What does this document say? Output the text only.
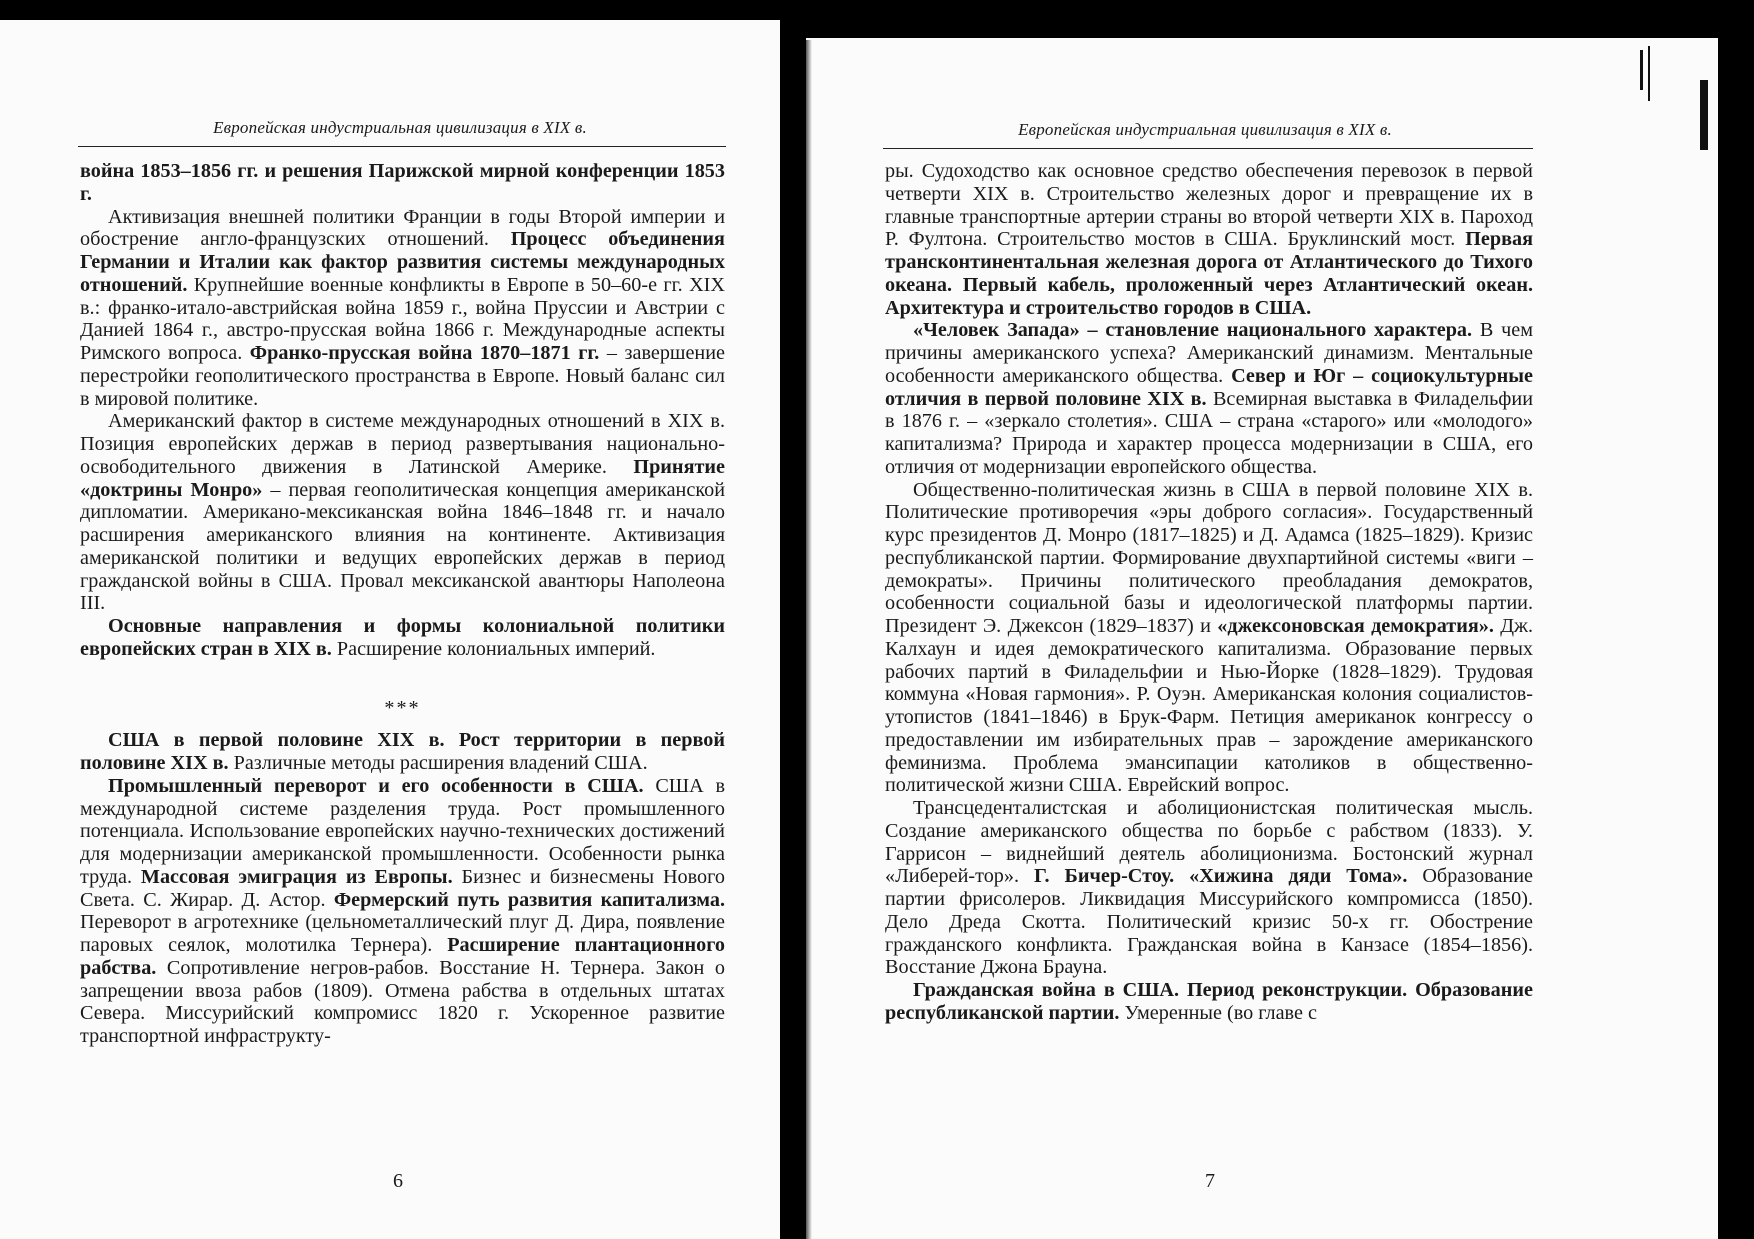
Европейская индустриальная цивилизация в XIX в.

война 1853–1856 гг. и решения Парижской мирной конференции 1853 г.

Активизация внешней политики Франции в годы Второй империи и обострение англо-французских отношений. Процесс объединения Германии и Италии как фактор развития системы международных отношений. Крупнейшие военные конфликты в Европе в 50–60-е гг. XIX в.: франко-итало-австрийская война 1859 г., война Пруссии и Австрии с Данией 1864 г., австро-прусская война 1866 г. Международные аспекты Римского вопроса. Франко-прусская война 1870–1871 гг. – завершение перестройки геополитического пространства в Европе. Новый баланс сил в мировой политике.

Американский фактор в системе международных отношений в XIX в. Позиция европейских держав в период развертывания национально-освободительного движения в Латинской Америке. Принятие «доктрины Монро» – первая геополитическая концепция американской дипломатии. Американо-мексиканская война 1846–1848 гг. и начало расширения американского влияния на континенте. Активизация американской политики и ведущих европейских держав в период гражданской войны в США. Провал мексиканской авантюры Наполеона III.

Основные направления и формы колониальной политики европейских стран в XIX в. Расширение колониальных империй.

***

США в первой половине XIX в. Рост территории в первой половине XIX в. Различные методы расширения владений США.

Промышленный переворот и его особенности в США. США в международной системе разделения труда. Рост промышленного потенциала. Использование европейских научно-технических достижений для модернизации американской промышленности. Особенности рынка труда. Массовая эмиграция из Европы. Бизнес и бизнесмены Нового Света. С. Жирар. Д. Астор. Фермерский путь развития капитализма. Переворот в агротехнике (цельнометаллический плуг Д. Дира, появление паровых сеялок, молотилка Тернера). Расширение плантационного рабства. Сопротивление негров-рабов. Восстание Н. Тернера. Закон о запрещении ввоза рабов (1809). Отмена рабства в отдельных штатах Севера. Миссурийский компромисс 1820 г. Ускоренное развитие транспортной инфраструкту-

6
Европейская индустриальная цивилизация в XIX в.

ры. Судоходство как основное средство обеспечения перевозок в первой четверти XIX в. Строительство железных дорог и превращение их в главные транспортные артерии страны во второй четверти XIX в. Пароход Р. Фултона. Строительство мостов в США. Бруклинский мост. Первая трансконтинентальная железная дорога от Атлантического до Тихого океана. Первый кабель, проложенный через Атлантический океан. Архитектура и строительство городов в США.

«Человек Запада» – становление национального характера. В чем причины американского успеха? Американский динамизм. Ментальные особенности американского общества. Север и Юг – социокультурные отличия в первой половине XIX в. Всемирная выставка в Филадельфии в 1876 г. – «зеркало столетия». США – страна «старого» или «молодого» капитализма? Природа и характер процесса модернизации в США, его отличия от модернизации европейского общества.

Общественно-политическая жизнь в США в первой половине XIX в. Политические противоречия «эры доброго согласия». Государственный курс президентов Д. Монро (1817–1825) и Д. Адамса (1825–1829). Кризис республиканской партии. Формирование двухпартийной системы «виги – демократы». Причины политического преобладания демократов, особенности социальной базы и идеологической платформы партии. Президент Э. Джексон (1829–1837) и «джексоновская демократия». Дж. Калхаун и идея демократического капитализма. Образование первых рабочих партий в Филадельфии и Нью-Йорке (1828–1829). Трудовая коммуна «Новая гармония». Р. Оуэн. Американская колония социалистов-утопистов (1841–1846) в Брук-Фарм. Петиция американок конгрессу о предоставлении им избирательных прав – зарождение американского феминизма. Проблема эмансипации католиков в общественно-политической жизни США. Еврейский вопрос.

Трансцеденталистская и аболиционистская политическая мысль. Создание американского общества по борьбе с рабством (1833). У. Гаррисон – виднейший деятель аболиционизма. Бостонский журнал «Либерей-тор». Г. Бичер-Стоу. «Хижина дяди Тома». Образование партии фрисолеров. Ликвидация Миссурийского компромисса (1850). Дело Дреда Скотта. Политический кризис 50-х гг. Обострение гражданского конфликта. Гражданская война в Канзасе (1854–1856). Восстание Джона Брауна.

Гражданская война в США. Период реконструкции. Образование республиканской партии. Умеренные (во главе с

7
